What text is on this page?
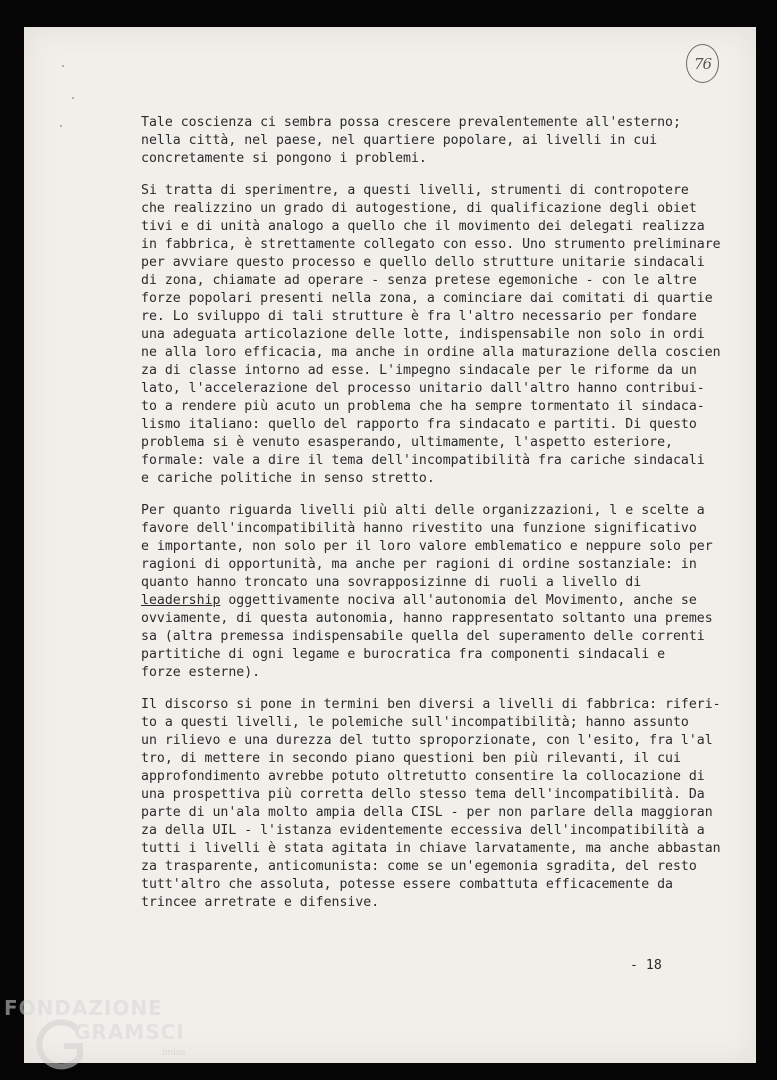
76
Tale coscienza ci sembra possa crescere prevalentemente all'esterno;
nella città, nel paese, nel quartiere popolare, ai livelli in cui
concretamente si pongono i problemi.
Si tratta di sperimentre, a questi livelli, strumenti di contropotere
che realizzino un grado di autogestione, di qualificazione degli obiet
tivi e di unità analogo a quello che il movimento dei delegati realizza
in fabbrica, è strettamente collegato con esso. Uno strumento preliminare
per avviare questo processo e quello dello strutture unitarie sindacali
di zona, chiamate ad operare - senza pretese egemoniche - con le altre
forze popolari presenti nella zona, a cominciare dai comitati di quartie
re. Lo sviluppo di tali strutture è fra l'altro necessario per fondare
una adeguata articolazione delle lotte, indispensabile non solo in ordi
ne alla loro efficacia, ma anche in ordine alla maturazione della coscien
za di classe intorno ad esse. L'impegno sindacale per le riforme da un
lato, l'accelerazione del processo unitario dall'altro hanno contribui-
to a rendere più acuto un problema che ha sempre tormentato il sindaca-
lismo italiano: quello del rapporto fra sindacato e partiti. Di questo
problema si è venuto esasperando, ultimamente, l'aspetto esteriore,
formale: vale a dire il tema dell'incompatibilità fra cariche sindacali
e cariche politiche in senso stretto.
Per quanto riguarda livelli più alti delle organizzazioni, l e scelte a
favore dell'incompatibilità hanno rivestito una funzione significativo
e importante, non solo per il loro valore emblematico e neppure solo per
ragioni di opportunità, ma anche per ragioni di ordine sostanziale: in
quanto hanno troncato una sovrapposizinne di ruoli a livello di
leadership oggettivamente nociva all'autonomia del Movimento, anche se
ovviamente, di questa autonomia, hanno rappresentato soltanto una premes
sa (altra premessa indispensabile quella del superamento delle correnti
partitiche di ogni legame e burocratica fra componenti sindacali e
forze esterne).
Il discorso si pone in termini ben diversi a livelli di fabbrica: riferi-
to a questi livelli, le polemiche sull'incompatibilità; hanno assunto
un rilievo e una durezza del tutto sproporzionate, con l'esito, fra l'al
tro, di mettere in secondo piano questioni ben più rilevanti, il cui
approfondimento avrebbe potuto oltretutto consentire la collocazione di
una prospettiva più corretta dello stesso tema dell'incompatibilità. Da
parte di un'ala molto ampia della CISL - per non parlare della maggioran
za della UIL - l'istanza evidentemente eccessiva dell'incompatibilità a
tutti i livelli è stata agitata in chiave larvatamente, ma anche abbastan
za trasparente, anticomunista: come se un'egemonia sgradita, del resto
tutt'altro che assoluta, potesse essere combattuta efficacemente da
trincee arretrate e difensive.
- 18
FONDAZIONE
GRAMSCI
onlus
